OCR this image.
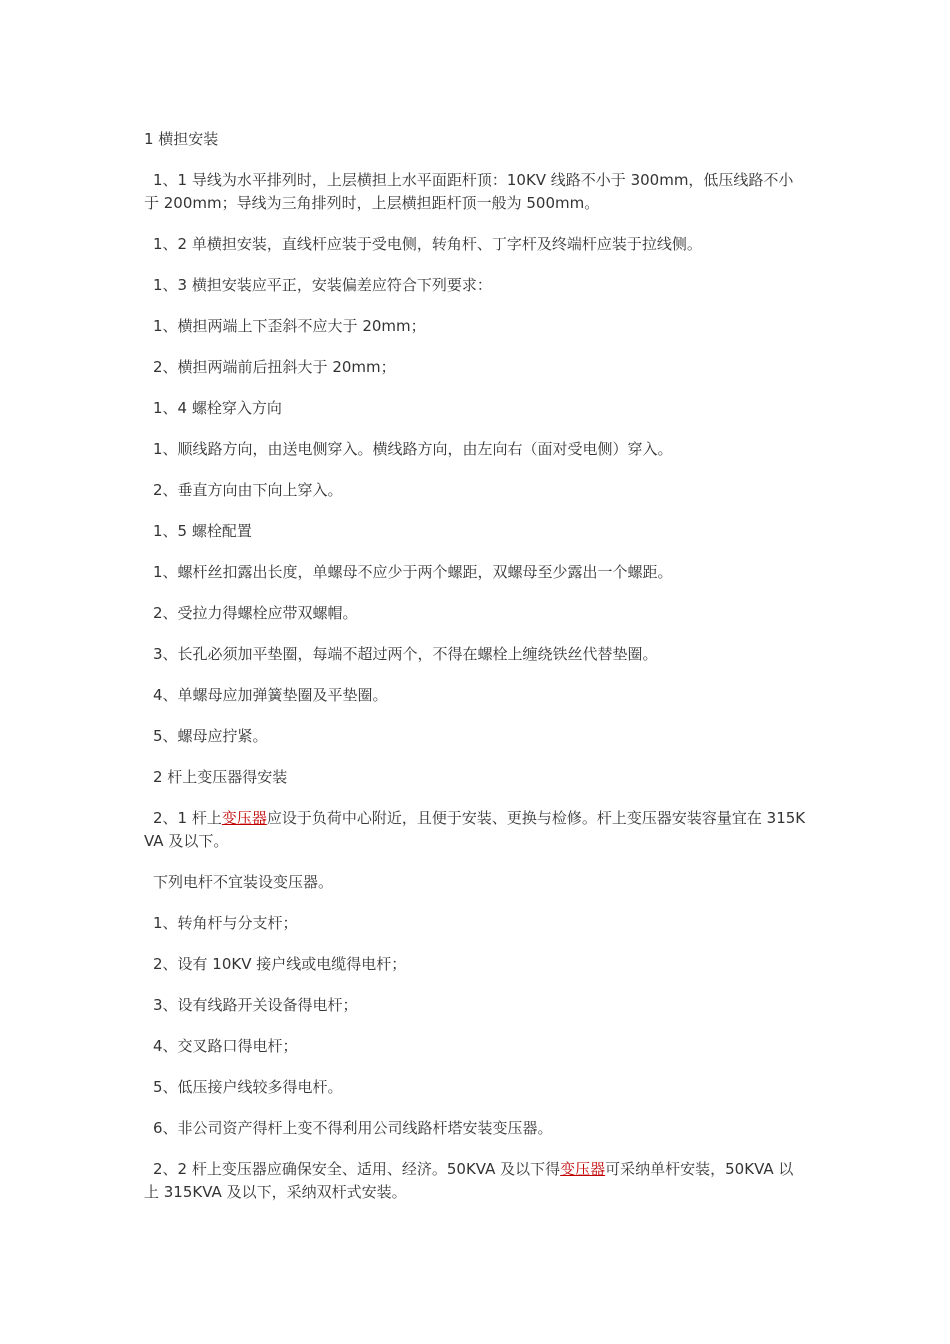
1 横担安装

1、1 导线为水平排列时，上层横担上水平面距杆顶：10KV 线路不小于 300mm，低压线路不小于 200mm；导线为三角排列时，上层横担距杆顶一般为 500mm。

1、2 单横担安装，直线杆应装于受电侧，转角杆、丁字杆及终端杆应装于拉线侧。

1、3 横担安装应平正，安装偏差应符合下列要求：

1、横担两端上下歪斜不应大于 20mm；

2、横担两端前后扭斜大于 20mm；

1、4 螺栓穿入方向

1、顺线路方向，由送电侧穿入。横线路方向，由左向右（面对受电侧）穿入。

2、垂直方向由下向上穿入。

1、5 螺栓配置

1、螺杆丝扣露出长度，单螺母不应少于两个螺距，双螺母至少露出一个螺距。

2、受拉力得螺栓应带双螺帽。

3、长孔必须加平垫圈，每端不超过两个，不得在螺栓上缠绕铁丝代替垫圈。

4、单螺母应加弹簧垫圈及平垫圈。

5、螺母应拧紧。

2 杆上变压器得安装

2、1 杆上变压器应设于负荷中心附近，且便于安装、更换与检修。杆上变压器安装容量宜在 315KVA 及以下。

下列电杆不宜装设变压器。

1、转角杆与分支杆；

2、设有 10KV 接户线或电缆得电杆；

3、设有线路开关设备得电杆；

4、交叉路口得电杆；

5、低压接户线较多得电杆。

6、非公司资产得杆上变不得利用公司线路杆塔安装变压器。

2、2 杆上变压器应确保安全、适用、经济。50KVA 及以下得变压器可采纳单杆安装，50KVA 以上 315KVA 及以下，采纳双杆式安装。
